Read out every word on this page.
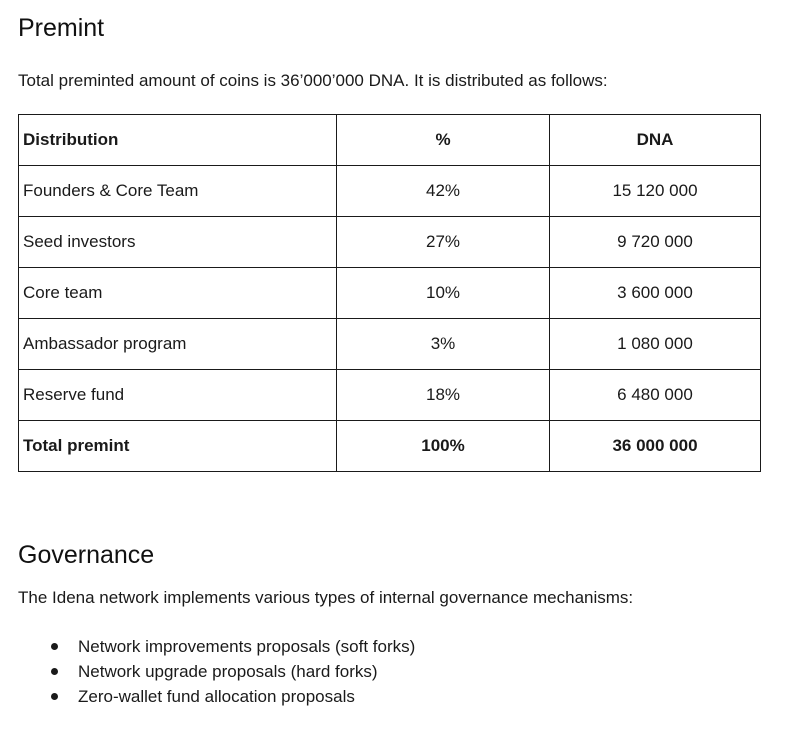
Premint

Total preminted amount of coins is 36’000’000 DNA. It is distributed as follows:

Distribution	%	DNA
Founders & Core Team	42%	15 120 000
Seed investors	27%	9 720 000
Core team	10%	3 600 000
Ambassador program	3%	1 080 000
Reserve fund	18%	6 480 000
Total premint	100%	36 000 000
Governance

The Idena network implements various types of internal governance mechanisms:

Network improvements proposals (soft forks)
Network upgrade proposals (hard forks)
Zero-wallet fund allocation proposals
